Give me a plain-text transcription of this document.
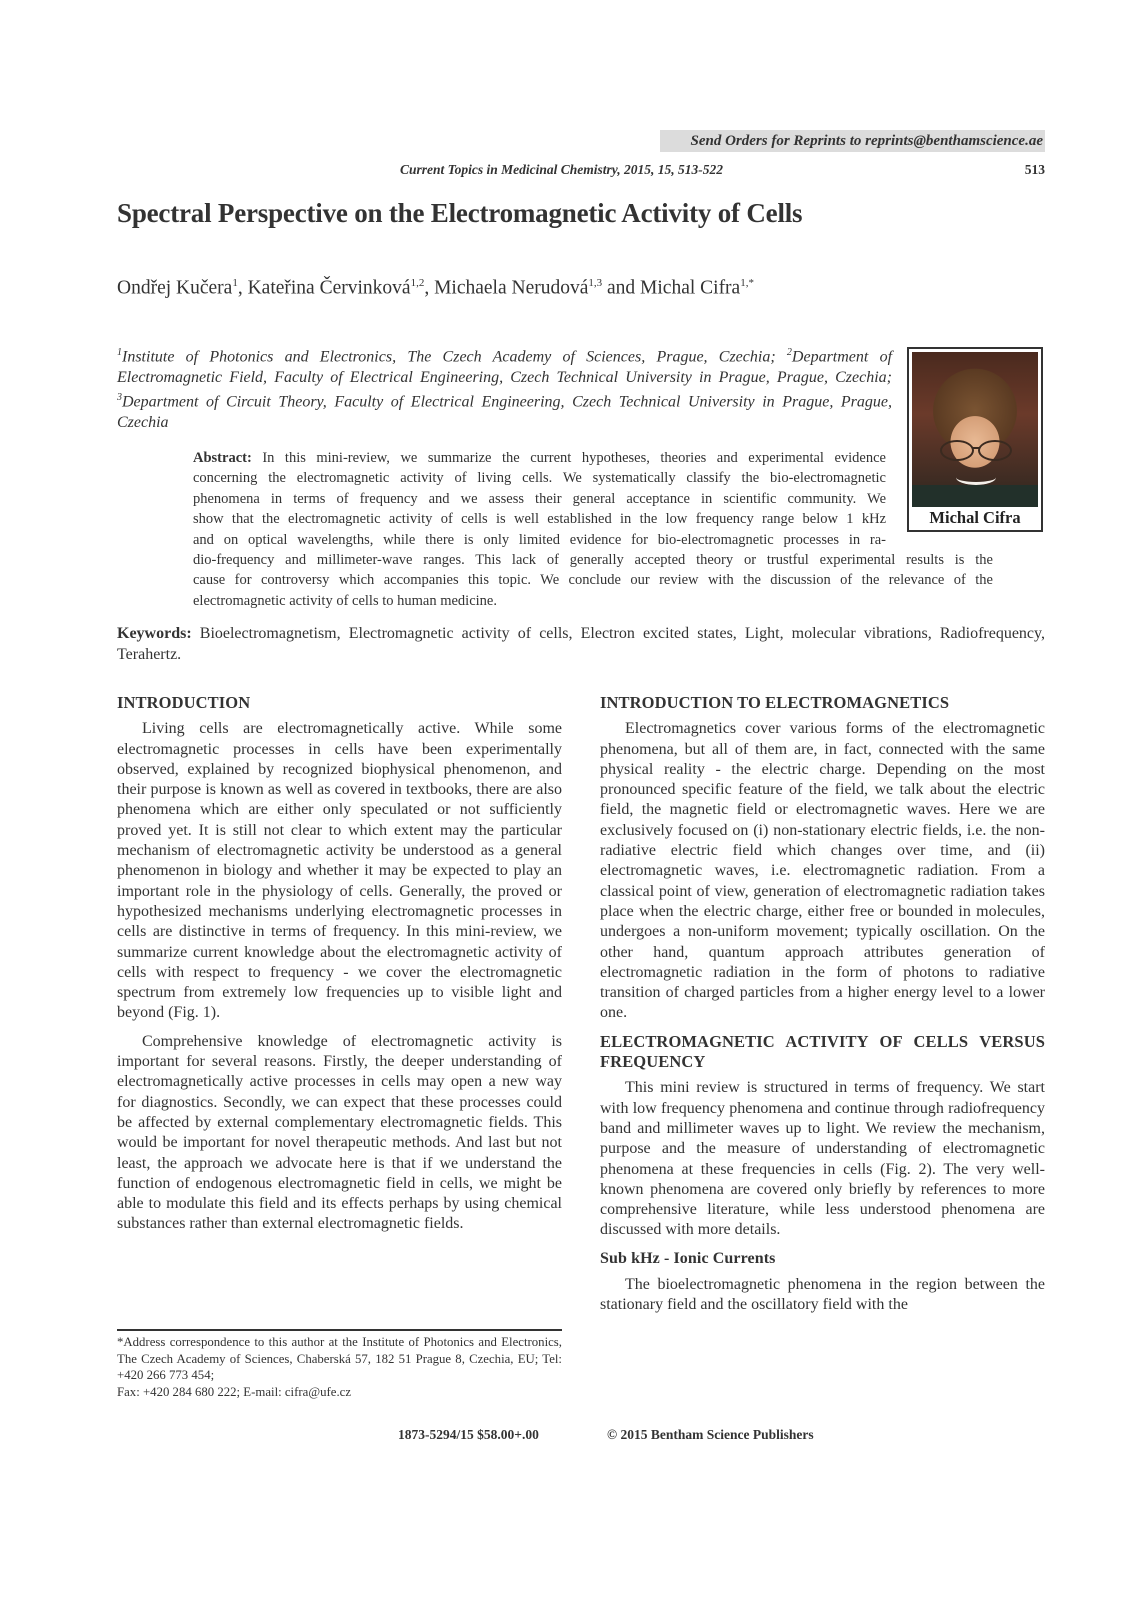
Send Orders for Reprints to reprints@benthamscience.ae
Current Topics in Medicinal Chemistry, 2015, 15, 513-522	513
Spectral Perspective on the Electromagnetic Activity of Cells
Ondřej Kučera$^1$, Kateřina Červinková$^{1,2}$, Michaela Nerudová$^{1,3}$ and Michal Cifra$^{1,*}$
$^1$Institute of Photonics and Electronics, The Czech Academy of Sciences, Prague, Czechia; $^2$Department of Electromagnetic Field, Faculty of Electrical Engineering, Czech Technical University in Prague, Prague, Czechia; $^3$Department of Circuit Theory, Faculty of Electrical Engineering, Czech Technical University in Prague, Prague, Czechia
Michal Cifra
Abstract: In this mini-review, we summarize the current hypotheses, theories and experimental evidence
concerning the electromagnetic activity of living cells. We systematically classify the bio-electromagnetic
phenomena in terms of frequency and we assess their general acceptance in scientific community. We
show that the electromagnetic activity of cells is well established in the low frequency range below 1 kHz
and on optical wavelengths, while there is only limited evidence for bio-electromagnetic processes in ra-
dio-frequency and millimeter-wave ranges. This lack of generally accepted theory or trustful experimental results is the
cause for controversy which accompanies this topic. We conclude our review with the discussion of the relevance of the
electromagnetic activity of cells to human medicine.
Keywords: Bioelectromagnetism, Electromagnetic activity of cells, Electron excited states, Light, molecular vibrations, Radiofrequency, Terahertz.
INTRODUCTION

Living cells are electromagnetically active. While some electromagnetic processes in cells have been experimentally observed, explained by recognized biophysical phenomenon, and their purpose is known as well as covered in textbooks, there are also phenomena which are either only speculated or not sufficiently proved yet. It is still not clear to which extent may the particular mechanism of electromagnetic activity be understood as a general phenomenon in biology and whether it may be expected to play an important role in the physiology of cells. Generally, the proved or hypothesized mechanisms underlying electromagnetic processes in cells are distinctive in terms of frequency. In this mini-review, we summarize current knowledge about the electromagnetic activity of cells with respect to frequency - we cover the electromagnetic spectrum from extremely low frequencies up to visible light and beyond (Fig. 1).

Comprehensive knowledge of electromagnetic activity is important for several reasons. Firstly, the deeper understanding of electromagnetically active processes in cells may open a new way for diagnostics. Secondly, we can expect that these processes could be affected by external complementary electromagnetic fields. This would be important for novel therapeutic methods. And last but not least, the approach we advocate here is that if we understand the function of endogenous electromagnetic field in cells, we might be able to modulate this field and its effects perhaps by using chemical substances rather than external electromagnetic fields.

INTRODUCTION TO ELECTROMAGNETICS

Electromagnetics cover various forms of the electromagnetic phenomena, but all of them are, in fact, connected with the same physical reality - the electric charge. Depending on the most pronounced specific feature of the field, we talk about the electric field, the magnetic field or electromagnetic waves. Here we are exclusively focused on (i) non-stationary electric fields, i.e. the non-radiative electric field which changes over time, and (ii) electromagnetic waves, i.e. electromagnetic radiation. From a classical point of view, generation of electromagnetic radiation takes place when the electric charge, either free or bounded in molecules, undergoes a non-uniform movement; typically oscillation. On the other hand, quantum approach attributes generation of electromagnetic radiation in the form of photons to radiative transition of charged particles from a higher energy level to a lower one.

ELECTROMAGNETIC ACTIVITY OF CELLS VERSUS FREQUENCY

This mini review is structured in terms of frequency. We start with low frequency phenomena and continue through radiofrequency band and millimeter waves up to light. We review the mechanism, purpose and the measure of understanding of electromagnetic phenomena at these frequencies in cells (Fig. 2). The very well-known phenomena are covered only briefly by references to more comprehensive literature, while less understood phenomena are discussed with more details.

Sub kHz - Ionic Currents

The bioelectromagnetic phenomena in the region between the stationary field and the oscillatory field with the

*Address correspondence to this author at the Institute of Photonics and Electronics, The Czech Academy of Sciences, Chaberská 57, 182 51 Prague 8, Czechia, EU; Tel: +420 266 773 454;
Fax: +420 284 680 222; E-mail: cifra@ufe.cz
1873-5294/15 $58.00+.00	© 2015 Bentham Science Publishers
